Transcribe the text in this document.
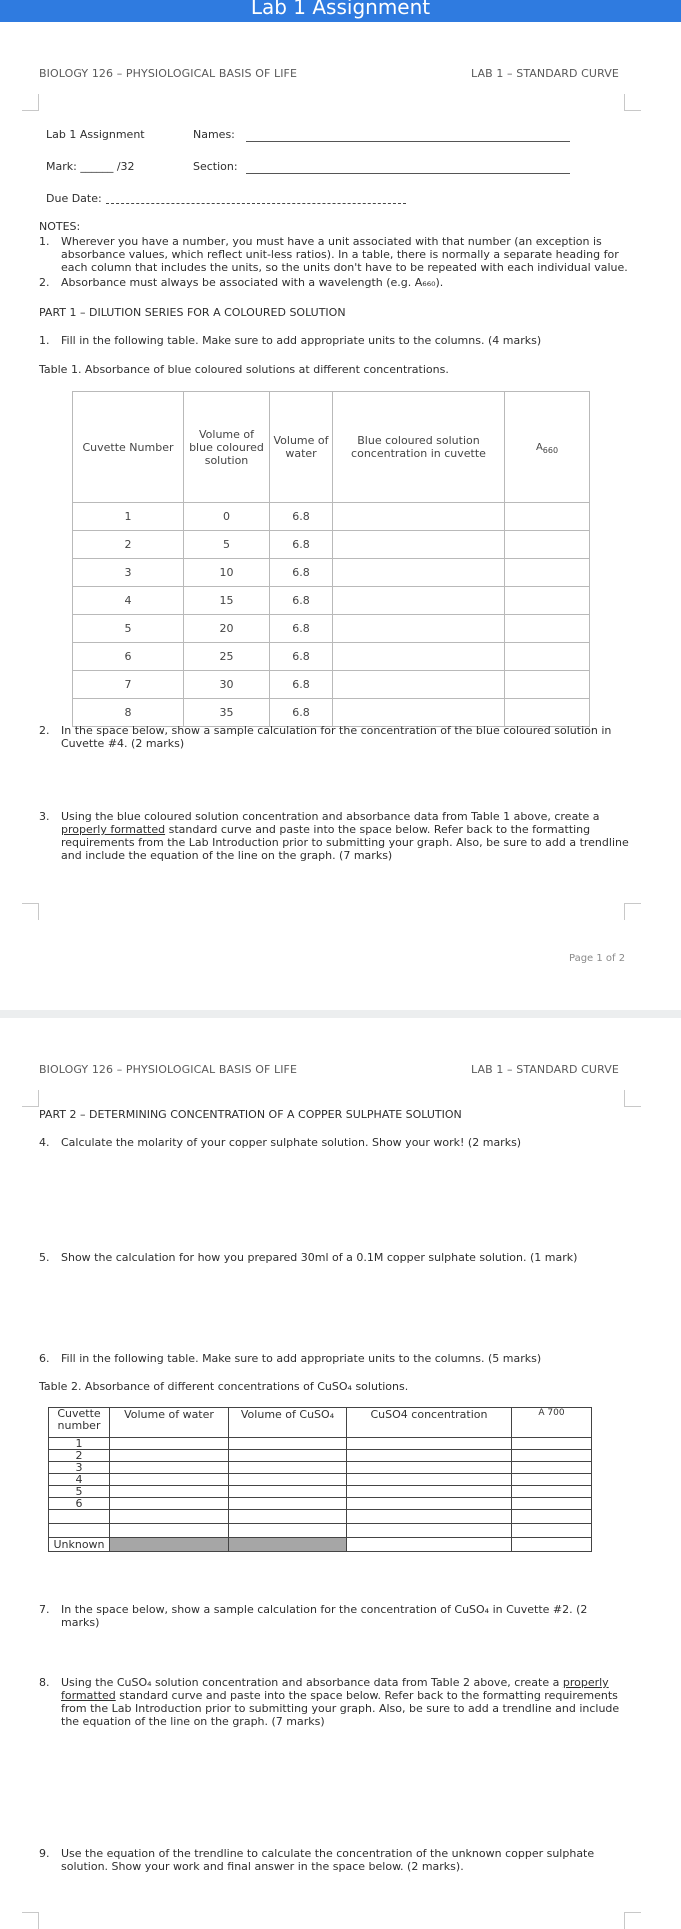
Lab 1 Assignment
BIOLOGY 126 – PHYSIOLOGICAL BASIS OF LIFE	LAB 1 – STANDARD CURVE
Lab 1 Assignment	Names:
Mark: ______ /32	Section:
Due Date:
NOTES:
1. Wherever you have a number, you must have a unit associated with that number (an exception is absorbance values, which reflect unit-less ratios). In a table, there is normally a separate heading for each column that includes the units, so the units don't have to be repeated with each individual value.
2. Absorbance must always be associated with a wavelength (e.g. A₆₆₀).
PART 1 – DILUTION SERIES FOR A COLOURED SOLUTION
1. Fill in the following table. Make sure to add appropriate units to the columns. (4 marks)
Table 1. Absorbance of blue coloured solutions at different concentrations.
Cuvette Number	Volume of blue coloured solution	Volume of water	Blue coloured solution concentration in cuvette	$A_{660}$
1	0	6.8		
2	5	6.8		
3	10	6.8		
4	15	6.8		
5	20	6.8		
6	25	6.8		
7	30	6.8		
8	35	6.8		
2. In the space below, show a sample calculation for the concentration of the blue coloured solution in Cuvette #4. (2 marks)
3. Using the blue coloured solution concentration and absorbance data from Table 1 above, create a properly formatted standard curve and paste into the space below. Refer back to the formatting requirements from the Lab Introduction prior to submitting your graph. Also, be sure to add a trendline and include the equation of the line on the graph. (7 marks)
Page 1 of 2
BIOLOGY 126 – PHYSIOLOGICAL BASIS OF LIFE	LAB 1 – STANDARD CURVE
PART 2 – DETERMINING CONCENTRATION OF A COPPER SULPHATE SOLUTION
4. Calculate the molarity of your copper sulphate solution. Show your work! (2 marks)
5. Show the calculation for how you prepared 30ml of a 0.1M copper sulphate solution. (1 mark)
6. Fill in the following table. Make sure to add appropriate units to the columns. (5 marks)
Table 2. Absorbance of different concentrations of CuSO₄ solutions.
Cuvette number	Volume of water	Volume of CuSO₄	CuSO4 concentration	A 700
1				
2				
3				
4				
5				
6				

Unknown				
7. In the space below, show a sample calculation for the concentration of CuSO₄ in Cuvette #2. (2 marks)
8. Using the CuSO₄ solution concentration and absorbance data from Table 2 above, create a properly
formatted standard curve and paste into the space below. Refer back to the formatting requirements from the Lab Introduction prior to submitting your graph. Also, be sure to add a trendline and include the equation of the line on the graph. (7 marks)
9. Use the equation of the trendline to calculate the concentration of the unknown copper sulphate solution. Show your work and final answer in the space below. (2 marks).
